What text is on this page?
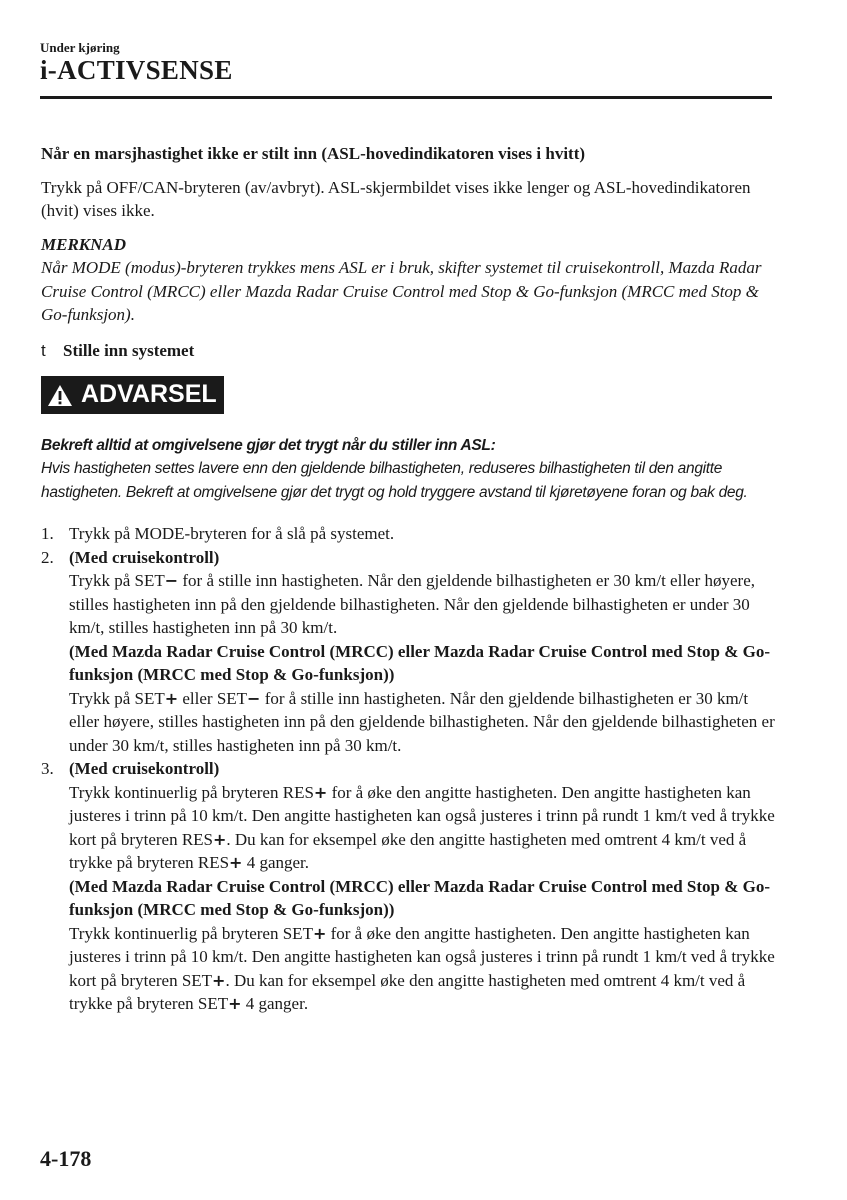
Under kjøring
i-ACTIVSENSE

Når en marsjhastighet ikke er stilt inn (ASL-hovedindikatoren vises i hvitt)

Trykk på OFF/CAN-bryteren (av/avbryt). ASL-skjermbildet vises ikke lenger og ASL-hovedindikatoren (hvit) vises ikke.

MERKNAD

Når MODE (modus)-bryteren trykkes mens ASL er i bruk, skifter systemet til cruisekontroll, Mazda Radar Cruise Control (MRCC) eller Mazda Radar Cruise Control med Stop & Go-funksjon (MRCC med Stop & Go-funksjon).

t	Stille inn systemet
ADVARSEL

Bekreft alltid at omgivelsene gjør det trygt når du stiller inn ASL:

Hvis hastigheten settes lavere enn den gjeldende bilhastigheten, reduseres bilhastigheten til den angitte hastigheten. Bekreft at omgivelsene gjør det trygt og hold tryggere avstand til kjøretøyene foran og bak deg.

1. Trykk på MODE-bryteren for å slå på systemet.
2. (Med cruisekontroll)

Trykk på SET− for å stille inn hastigheten. Når den gjeldende bilhastigheten er 30 km/t eller høyere, stilles hastigheten inn på den gjeldende bilhastigheten. Når den gjeldende bilhastigheten er under 30 km/t, stilles hastigheten inn på 30 km/t.

(Med Mazda Radar Cruise Control (MRCC) eller Mazda Radar Cruise Control med Stop & Go-funksjon (MRCC med Stop & Go-funksjon))

Trykk på SET+ eller SET− for å stille inn hastigheten. Når den gjeldende bilhastigheten er 30 km/t eller høyere, stilles hastigheten inn på den gjeldende bilhastigheten. Når den gjeldende bilhastigheten er under 30 km/t, stilles hastigheten inn på 30 km/t.

3. (Med cruisekontroll)

Trykk kontinuerlig på bryteren RES+ for å øke den angitte hastigheten. Den angitte hastigheten kan justeres i trinn på 10 km/t. Den angitte hastigheten kan også justeres i trinn på rundt 1 km/t ved å trykke kort på bryteren RES+. Du kan for eksempel øke den angitte hastigheten med omtrent 4 km/t ved å trykke på bryteren RES+ 4 ganger.

(Med Mazda Radar Cruise Control (MRCC) eller Mazda Radar Cruise Control med Stop & Go-funksjon (MRCC med Stop & Go-funksjon))

Trykk kontinuerlig på bryteren SET+ for å øke den angitte hastigheten. Den angitte hastigheten kan justeres i trinn på 10 km/t. Den angitte hastigheten kan også justeres i trinn på rundt 1 km/t ved å trykke kort på bryteren SET+. Du kan for eksempel øke den angitte hastigheten med omtrent 4 km/t ved å trykke på bryteren SET+ 4 ganger.

4-178
